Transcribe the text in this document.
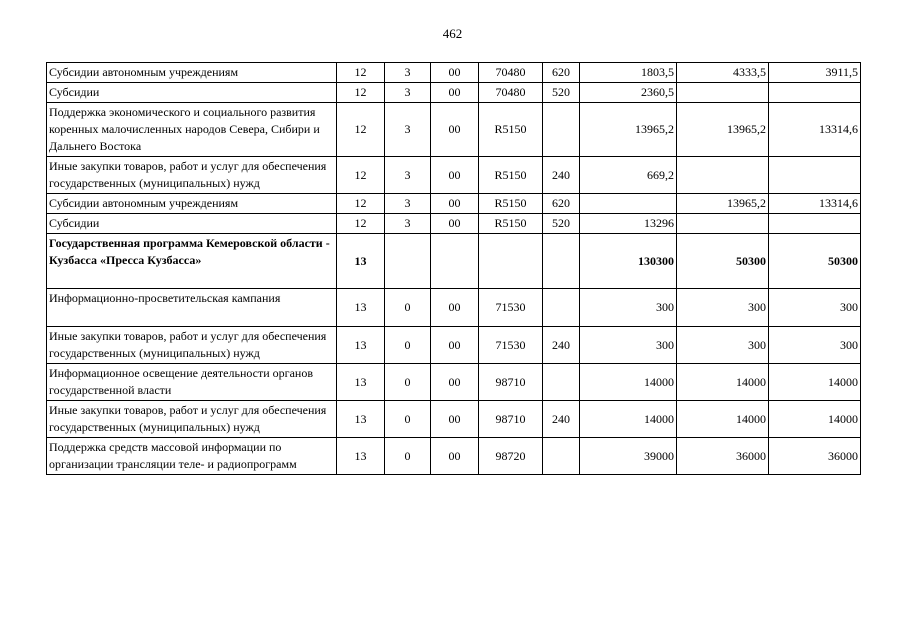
462
Субсидии автономным учреждениям	12	3	00	70480	620	1803,5	4333,5	3911,5
Субсидии	12	3	00	70480	520	2360,5		
Поддержка экономического и социального развития коренных малочисленных народов Севера, Сибири и Дальнего Востока	12	3	00	R5150		13965,2	13965,2	13314,6
Иные закупки товаров, работ и услуг для обеспечения государственных (муниципальных) нужд	12	3	00	R5150	240	669,2		
Субсидии автономным учреждениям	12	3	00	R5150	620		13965,2	13314,6
Субсидии	12	3	00	R5150	520	13296		
Государственная программа Кемеровской области - Кузбасса «Пресса Кузбасса»	13					130300	50300	50300
Информационно-просветительская кампания	13	0	00	71530		300	300	300
Иные закупки товаров, работ и услуг для обеспечения государственных (муниципальных) нужд	13	0	00	71530	240	300	300	300
Информационное освещение деятельности органов государственной власти	13	0	00	98710		14000	14000	14000
Иные закупки товаров, работ и услуг для обеспечения государственных (муниципальных) нужд	13	0	00	98710	240	14000	14000	14000
Поддержка средств массовой информации по организации трансляции теле- и радиопрограмм	13	0	00	98720		39000	36000	36000
